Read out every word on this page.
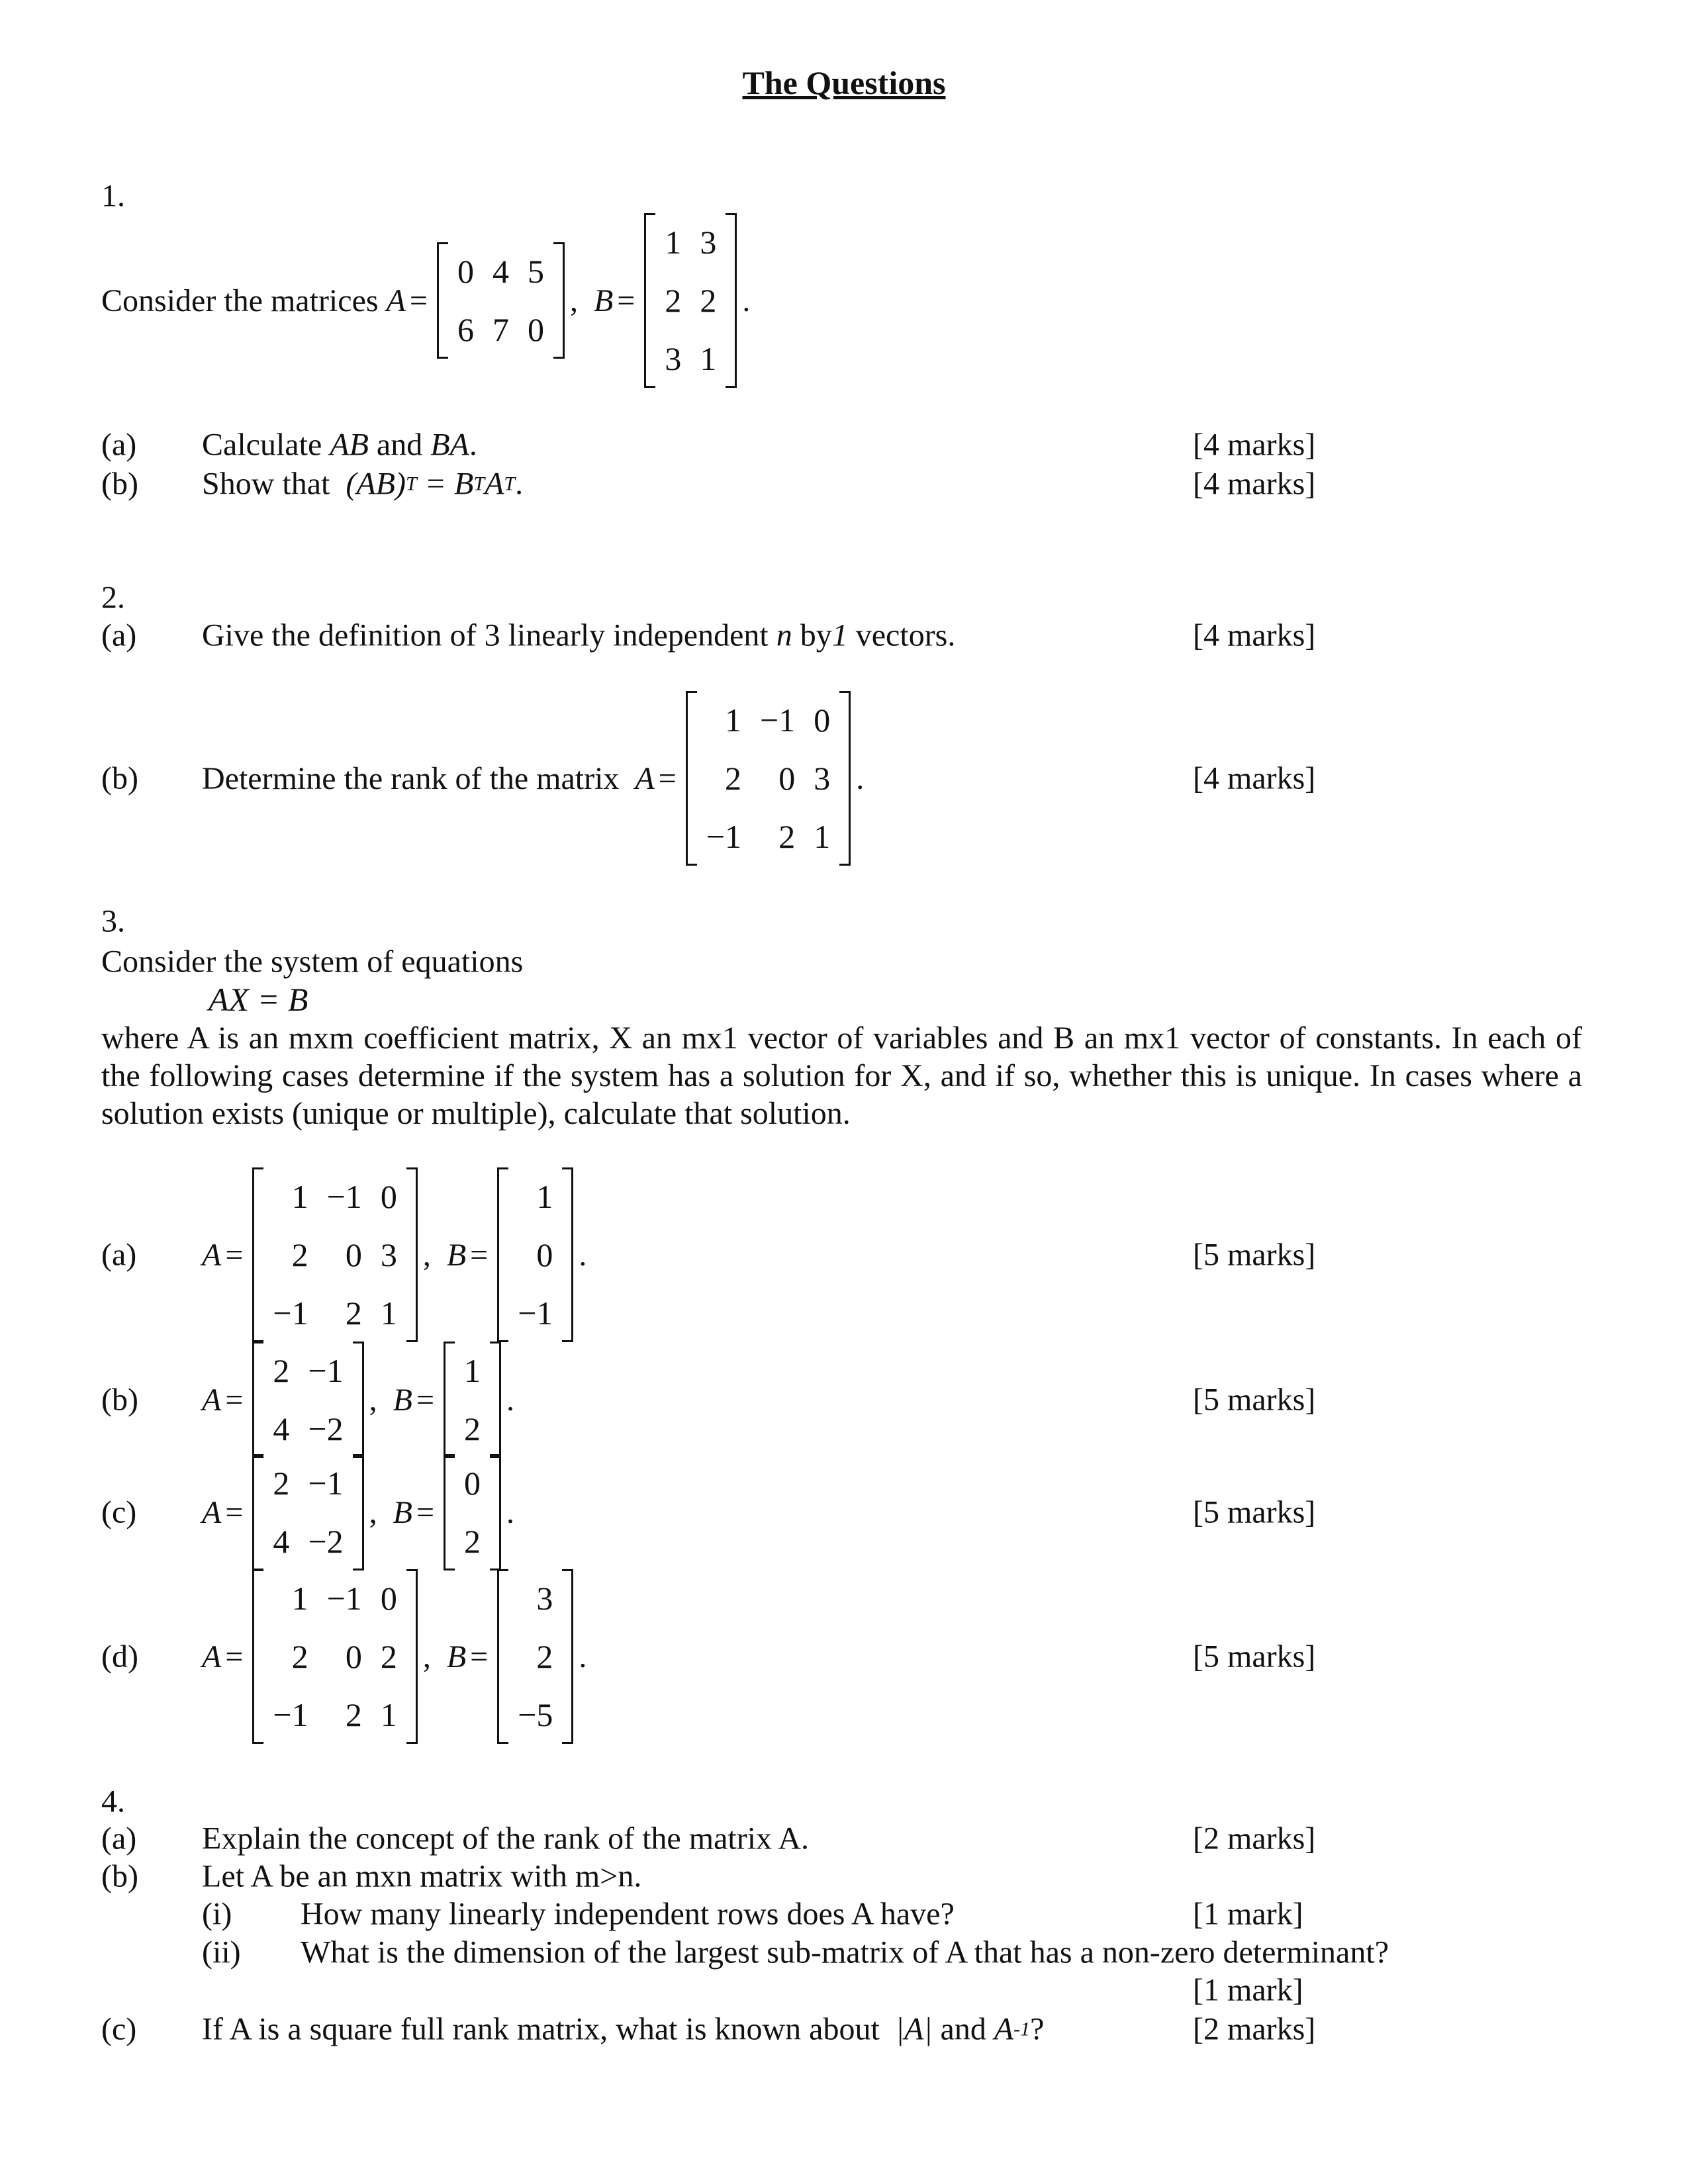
The Questions
1.
Consider the matrices
A =
0 4 5
6 7 0
, B =
1 3
2 2
3 1
.
(a) Calculate
AB
and
BA .	[4 marks]
(b) Show that
(AB) T
= B T A T .	[4 marks]
2.
(a) Give the definition of 3 linearly independent
n
by 1
vectors.	[4 marks]
(b) Determine the rank of the matrix
A =
1 −1 0
2	0 3
−1	2 1
.	[4 marks]
3.
Consider the system of equations
AX = B
where A is an mxm coefficient matrix, X an mx1 vector of variables and B an mx1 vector of constants. In each of the following cases determine if the system has a solution for X, and if so, whether this is unique. In cases where a solution exists (unique or multiple), calculate that solution.
(a) A =
1 −1 0
2	0 3
−1	2 1
, B =
1
0
−1
.	[5 marks]
(b) A =
2 −1
4 −2
, B =
1
2
.	[5 marks]
(c) A =
2 −1
4 −2
, B =
0
2
.	[5 marks]
(d) A =
1 −1 0
2	0 2
−1	2 1
, B =
3
2
−5
.	[5 marks]
4.
(a) Explain the concept of the rank of the matrix A.	[2 marks]
(b) Let A be an mxn matrix with m>n.
(i) How many linearly independent rows does A have?	[1 mark]
(ii) What is the dimension of the largest sub-matrix of A that has a non-zero determinant?
[1 mark]
(c) If A is a square full rank matrix, what is known about
|A|
and
A -1 ?	[2 marks]
